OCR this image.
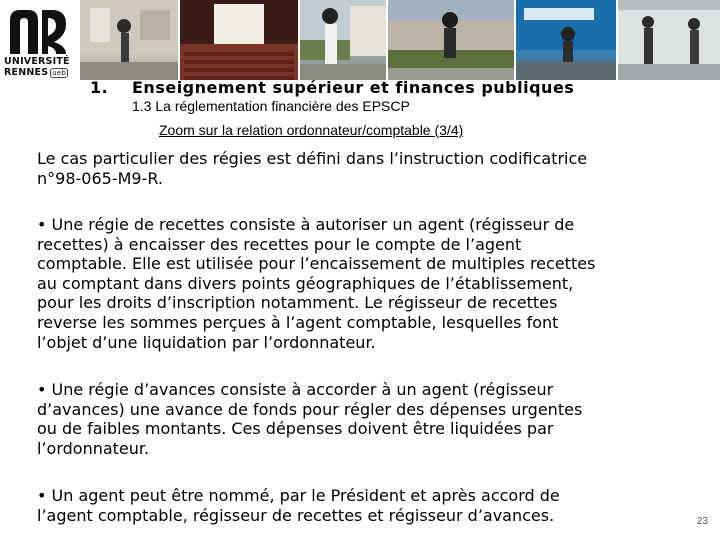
UNIVERSITÉ
RENNES ueb
1. Enseignement supérieur et finances publiques
1.3 La réglementation financière des EPSCP
Zoom sur la relation ordonnateur/comptable (3/4)
Le cas particulier des régies est défini dans l’instruction codificatrice
n°98-065-M9-R.
• Une régie de recettes consiste à autoriser un agent (régisseur de
recettes) à encaisser des recettes pour le compte de l’agent
comptable. Elle est utilisée pour l’encaissement de multiples recettes
au comptant dans divers points géographiques de l’établissement,
pour les droits d’inscription notamment. Le régisseur de recettes
reverse les sommes perçues à l’agent comptable, lesquelles font
l’objet d’une liquidation par l’ordonnateur.
• Une régie d’avances consiste à accorder à un agent (régisseur
d’avances) une avance de fonds pour régler des dépenses urgentes
ou de faibles montants. Ces dépenses doivent être liquidées par
l’ordonnateur.
• Un agent peut être nommé, par le Président et après accord de
l’agent comptable, régisseur de recettes et régisseur d’avances.	23
